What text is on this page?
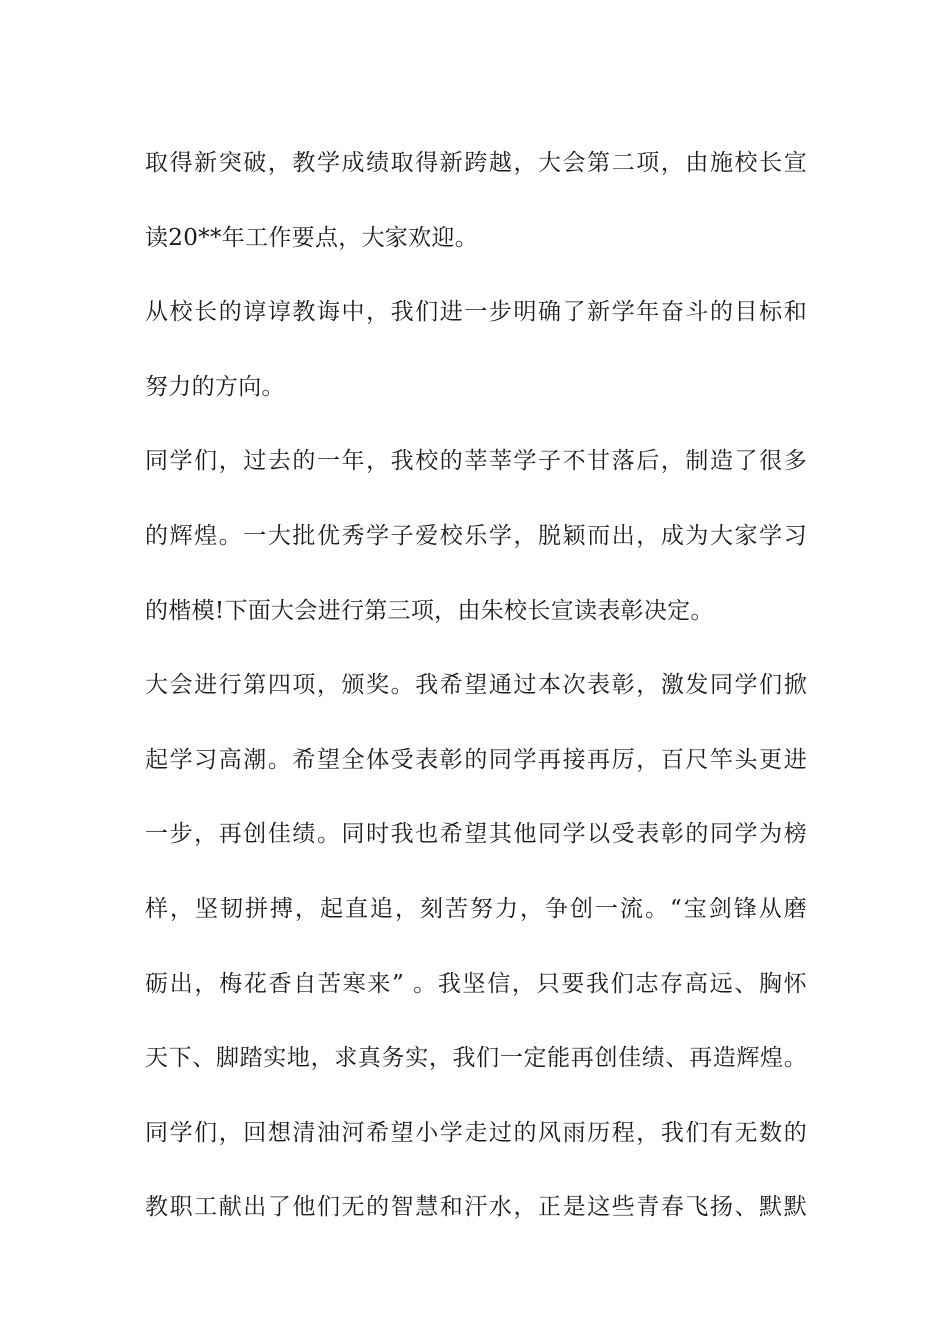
取得新突破，教学成绩取得新跨越，大会第二项，由施校长宣
读20**年工作要点，大家欢迎。
从校长的谆谆教诲中，我们进一步明确了新学年奋斗的目标和
努力的方向。
同学们，过去的一年，我校的莘莘学子不甘落后，制造了很多
的辉煌。一大批优秀学子爱校乐学，脱颖而出，成为大家学习
的楷模!下面大会进行第三项，由朱校长宣读表彰决定。
大会进行第四项，颁奖。我希望通过本次表彰，激发同学们掀
起学习高潮。希望全体受表彰的同学再接再厉，百尺竿头更进
一步，再创佳绩。同时我也希望其他同学以受表彰的同学为榜
样，坚韧拼搏，起直追，刻苦努力，争创一流。“宝剑锋从磨
砺出，梅花香自苦寒来” 。我坚信，只要我们志存高远、胸怀
天下、脚踏实地，求真务实，我们一定能再创佳绩、再造辉煌。
同学们，回想清油河希望小学走过的风雨历程，我们有无数的
教职工献出了他们无的智慧和汗水，正是这些青春飞扬、默默
